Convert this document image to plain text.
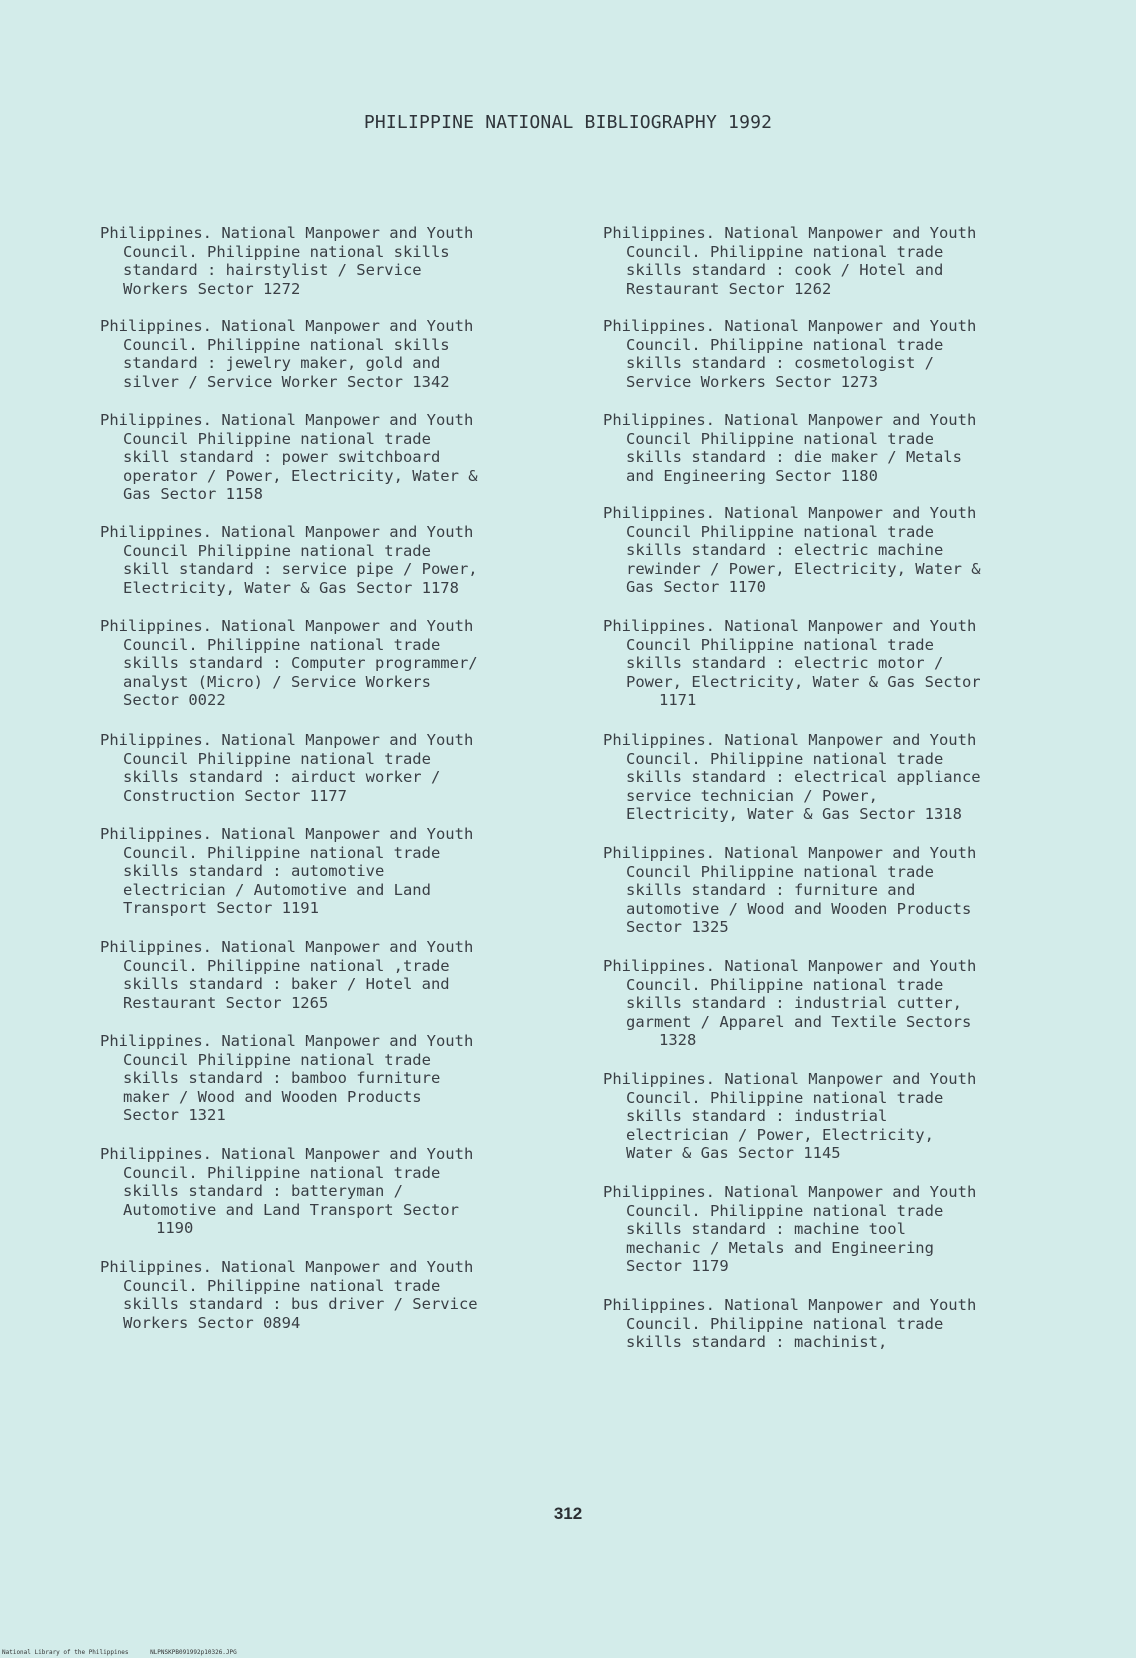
PHILIPPINE NATIONAL BIBLIOGRAPHY 1992
Philippines. National Manpower and Youth
Council. Philippine national skills
standard : hairstylist / Service
Workers Sector 1272
Philippines. National Manpower and Youth
Council. Philippine national skills
standard : jewelry maker, gold and
silver / Service Worker Sector 1342
Philippines. National Manpower and Youth
Council Philippine national trade
skill standard : power switchboard
operator / Power, Electricity, Water &
Gas Sector 1158
Philippines. National Manpower and Youth
Council Philippine national trade
skill standard : service pipe / Power,
Electricity, Water & Gas Sector 1178
Philippines. National Manpower and Youth
Council. Philippine national trade
skills standard : Computer programmer/
analyst (Micro) / Service Workers
Sector 0022
Philippines. National Manpower and Youth
Council Philippine national trade
skills standard : airduct worker /
Construction Sector 1177
Philippines. National Manpower and Youth
Council. Philippine national trade
skills standard : automotive
electrician / Automotive and Land
Transport Sector 1191
Philippines. National Manpower and Youth
Council. Philippine national ,trade
skills standard : baker / Hotel and
Restaurant Sector 1265
Philippines. National Manpower and Youth
Council Philippine national trade
skills standard : bamboo furniture
maker / Wood and Wooden Products
Sector 1321
Philippines. National Manpower and Youth
Council. Philippine national trade
skills standard : batteryman /
Automotive and Land Transport Sector
1190
Philippines. National Manpower and Youth
Council. Philippine national trade
skills standard : bus driver / Service
Workers Sector 0894
Philippines. National Manpower and Youth
Council. Philippine national trade
skills standard : cook / Hotel and
Restaurant Sector 1262
Philippines. National Manpower and Youth
Council. Philippine national trade
skills standard : cosmetologist /
Service Workers Sector 1273
Philippines. National Manpower and Youth
Council Philippine national trade
skills standard : die maker / Metals
and Engineering Sector 1180
Philippines. National Manpower and Youth
Council Philippine national trade
skills standard : electric machine
rewinder / Power, Electricity, Water &
Gas Sector 1170
Philippines. National Manpower and Youth
Council Philippine national trade
skills standard : electric motor /
Power, Electricity, Water & Gas Sector
1171
Philippines. National Manpower and Youth
Council. Philippine national trade
skills standard : electrical appliance
service technician / Power,
Electricity, Water & Gas Sector 1318
Philippines. National Manpower and Youth
Council Philippine national trade
skills standard : furniture and
automotive / Wood and Wooden Products
Sector 1325
Philippines. National Manpower and Youth
Council. Philippine national trade
skills standard : industrial cutter,
garment / Apparel and Textile Sectors
1328
Philippines. National Manpower and Youth
Council. Philippine national trade
skills standard : industrial
electrician / Power, Electricity,
Water & Gas Sector 1145
Philippines. National Manpower and Youth
Council. Philippine national trade
skills standard : machine tool
mechanic / Metals and Engineering
Sector 1179
Philippines. National Manpower and Youth
Council. Philippine national trade
skills standard : machinist,
312
National Library of the Philippines	NLPNSKPB091992p10326.JPG
